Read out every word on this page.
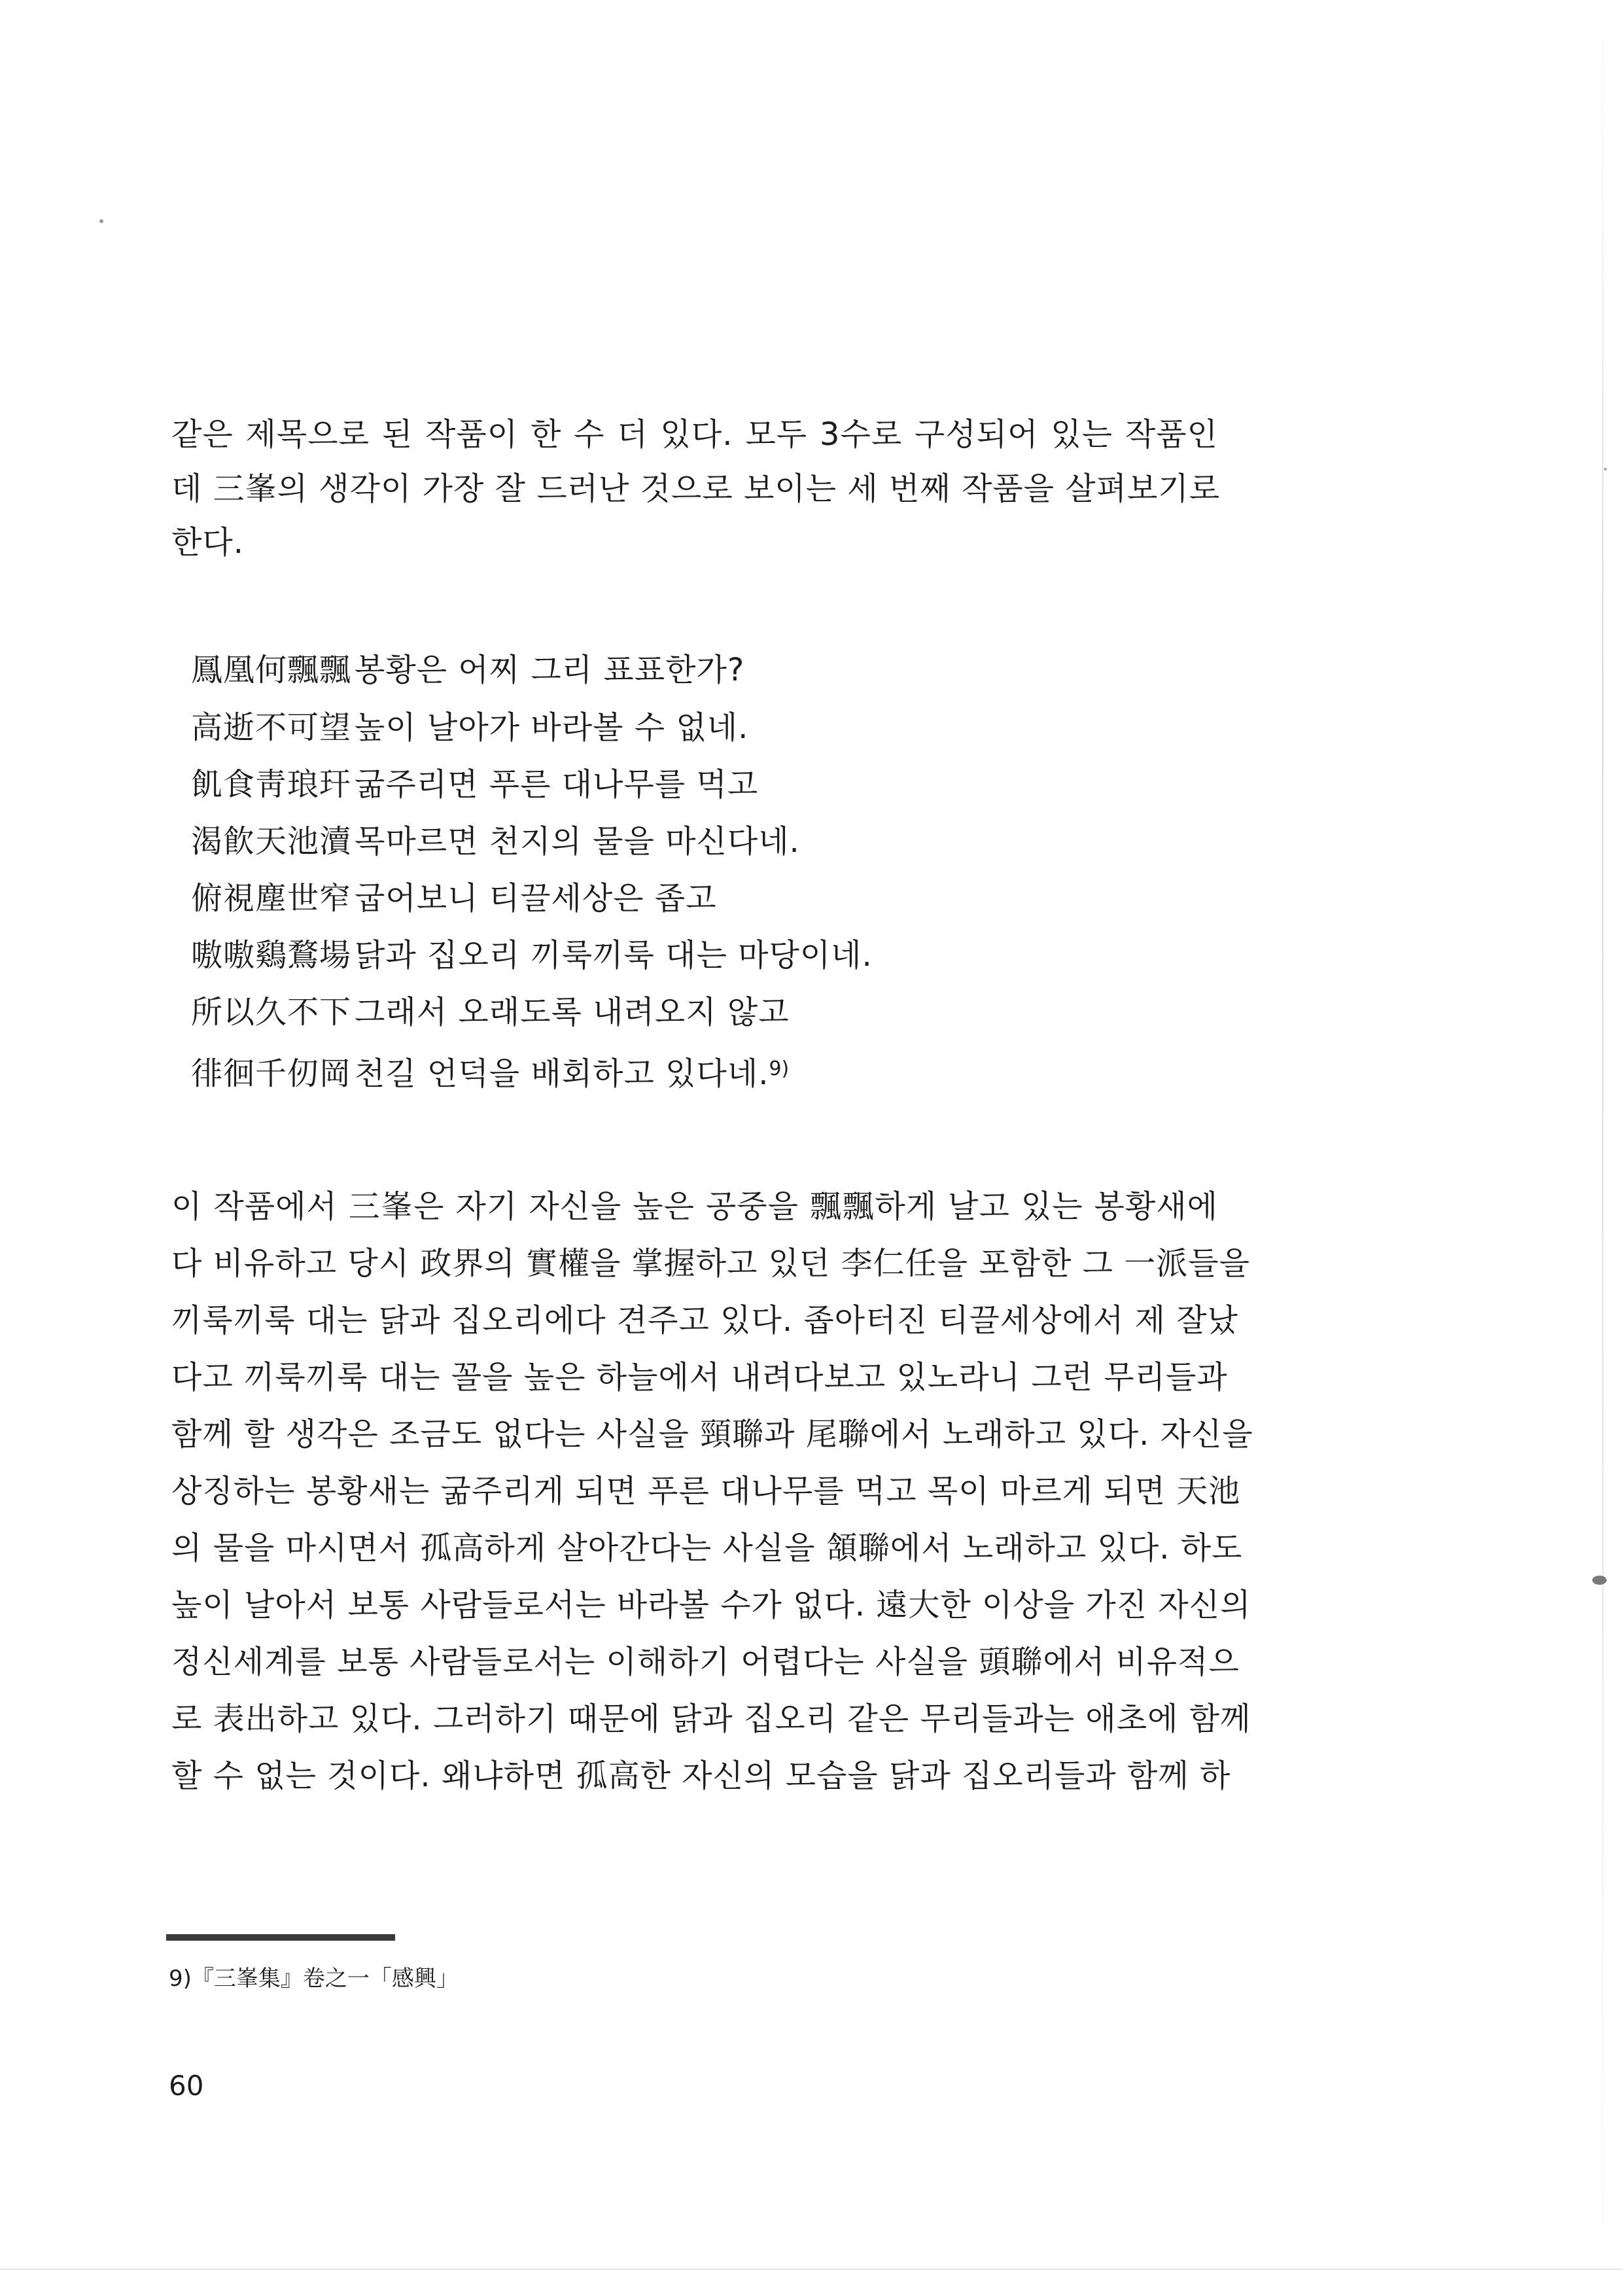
같은 제목으로 된 작품이 한 수 더 있다. 모두 3수로 구성되어 있는 작품인
데 三峯의 생각이 가장 잘 드러난 것으로 보이는 세 번째 작품을 살펴보기로
한다.
鳳凰何飄飄 봉황은 어찌 그리 표표한가?
高逝不可望 높이 날아가 바라볼 수 없네.
飢食靑琅玕 굶주리면 푸른 대나무를 먹고
渴飮天池瀆 목마르면 천지의 물을 마신다네.
俯視塵世窄 굽어보니 티끌세상은 좁고
嗷嗷鷄鶩場 닭과 집오리 끼룩끼룩 대는 마당이네.
所以久不下 그래서 오래도록 내려오지 않고
徘徊千仞岡 천길 언덕을 배회하고 있다네.$^{9)}$
이 작품에서 三峯은 자기 자신을 높은 공중을 飄飄하게 날고 있는 봉황새에
다 비유하고 당시 政界의 實權을 掌握하고 있던 李仁任을 포함한 그 一派들을
끼룩끼룩 대는 닭과 집오리에다 견주고 있다. 좁아터진 티끌세상에서 제 잘났
다고 끼룩끼룩 대는 꼴을 높은 하늘에서 내려다보고 있노라니 그런 무리들과
함께 할 생각은 조금도 없다는 사실을 頸聯과 尾聯에서 노래하고 있다. 자신을
상징하는 봉황새는 굶주리게 되면 푸른 대나무를 먹고 목이 마르게 되면 天池
의 물을 마시면서 孤高하게 살아간다는 사실을 頷聯에서 노래하고 있다. 하도
높이 날아서 보통 사람들로서는 바라볼 수가 없다. 遠大한 이상을 가진 자신의
정신세계를 보통 사람들로서는 이해하기 어렵다는 사실을 頭聯에서 비유적으
로 表出하고 있다. 그러하기 때문에 닭과 집오리 같은 무리들과는 애초에 함께
할 수 없는 것이다. 왜냐하면 孤高한 자신의 모습을 닭과 집오리들과 함께 하
9)『三峯集』卷之一「感興」
60
